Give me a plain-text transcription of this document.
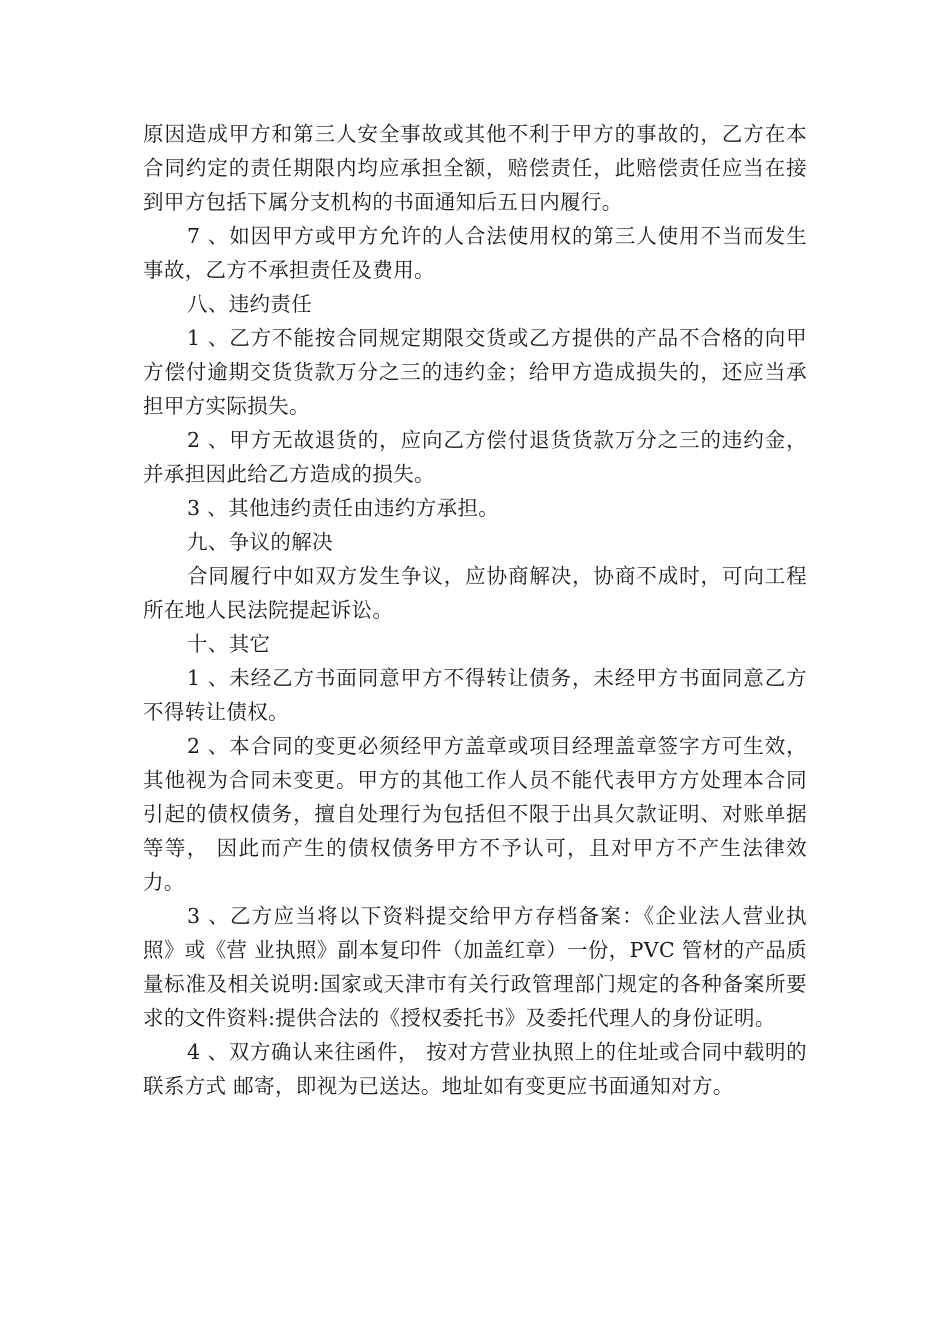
原因造成甲方和第三人安全事故或其他不利于甲方的事故的，乙方在本合同约定的责任期限内均应承担全额，赔偿责任，此赔偿责任应当在接到甲方包括下属分支机构的书面通知后五日内履行。

7 、如因甲方或甲方允许的人合法使用权的第三人使用不当而发生事故，乙方不承担责任及费用。

八、违约责任

1 、乙方不能按合同规定期限交货或乙方提供的产品不合格的向甲方偿付逾期交货货款万分之三的违约金；给甲方造成损失的，还应当承担甲方实际损失。

2 、甲方无故退货的，应向乙方偿付退货货款万分之三的违约金，并承担因此给乙方造成的损失。

3 、其他违约责任由违约方承担。

九、争议的解决

合同履行中如双方发生争议，应协商解决，协商不成时，可向工程所在地人民法院提起诉讼。

十、其它

1 、未经乙方书面同意甲方不得转让债务，未经甲方书面同意乙方不得转让债权。

2 、本合同的变更必须经甲方盖章或项目经理盖章签字方可生效， 其他视为合同未变更。甲方的其他工作人员不能代表甲方方处理本合同引起的债权债务，擅自处理行为包括但不限于出具欠款证明、对账单据等等， 因此而产生的债权债务甲方不予认可，且对甲方不产生法律效力。

3 、乙方应当将以下资料提交给甲方存档备案：《企业法人营业执照》或《营 业执照》副本复印件（加盖红章）一份，PVC 管材的产品质量标准及相关说明:国家或天津市有关行政管理部门规定的各种备案所要求的文件资料:提供合法的《授权委托书》及委托代理人的身份证明。

4 、双方确认来往函件， 按对方营业执照上的住址或合同中载明的联系方式 邮寄，即视为已送达。地址如有变更应书面通知对方。
